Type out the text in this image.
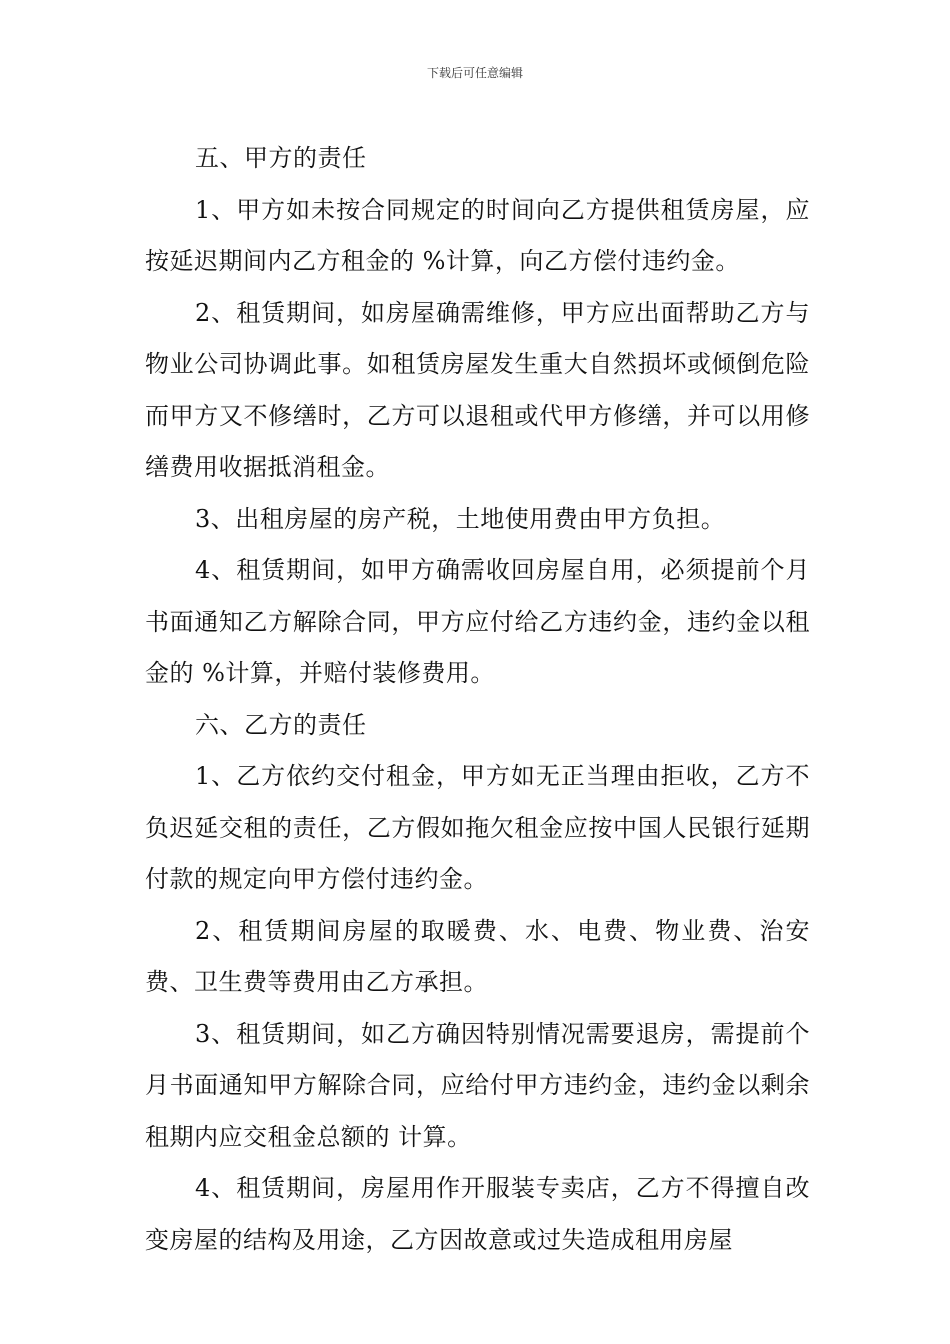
下载后可任意编辑

五、甲方的责任

1、甲方如未按合同规定的时间向乙方提供租赁房屋，应按延迟期间内乙方租金的 %计算，向乙方偿付违约金。

2、租赁期间，如房屋确需维修，甲方应出面帮助乙方与物业公司协调此事。如租赁房屋发生重大自然损坏或倾倒危险而甲方又不修缮时，乙方可以退租或代甲方修缮，并可以用修缮费用收据抵消租金。

3、出租房屋的房产税，土地使用费由甲方负担。

4、租赁期间，如甲方确需收回房屋自用，必须提前个月书面通知乙方解除合同，甲方应付给乙方违约金，违约金以租金的 %计算，并赔付装修费用。

六、乙方的责任

1、乙方依约交付租金，甲方如无正当理由拒收，乙方不负迟延交租的责任，乙方假如拖欠租金应按中国人民银行延期付款的规定向甲方偿付违约金。

2、租赁期间房屋的取暖费、水、电费、物业费、治安费、卫生费等费用由乙方承担。

3、租赁期间，如乙方确因特别情况需要退房，需提前个月书面通知甲方解除合同，应给付甲方违约金，违约金以剩余租期内应交租金总额的 计算。

4、租赁期间，房屋用作开服装专卖店，乙方不得擅自改变房屋的结构及用途，乙方因故意或过失造成租用房屋
